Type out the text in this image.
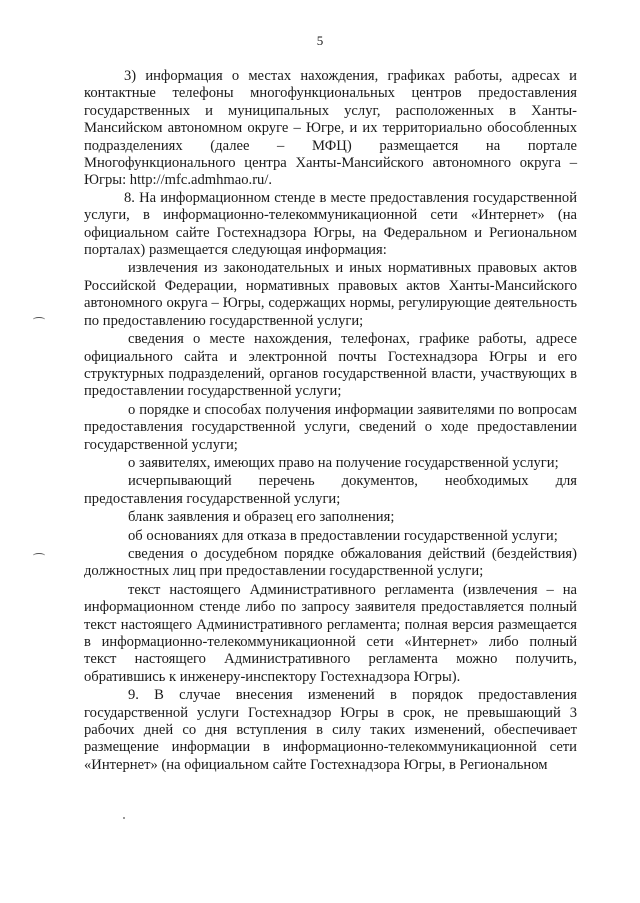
5

3) информация о местах нахождения, графиках работы, адресах и контактные телефоны многофункциональных центров предоставления государственных и муниципальных услуг, расположенных в Ханты-Мансийском автономном округе – Югре, и их территориально обособленных подразделениях (далее – МФЦ) размещается на портале Многофункционального центра Ханты-Мансийского автономного округа – Югры: http://mfc.admhmao.ru/.

8. На информационном стенде в месте предоставления государственной услуги, в информационно-телекоммуникационной сети «Интернет» (на официальном сайте Гостехнадзора Югры, на Федеральном и Региональном порталах) размещается следующая информация:

извлечения из законодательных и иных нормативных правовых актов Российской Федерации, нормативных правовых актов Ханты-Мансийского автономного округа – Югры, содержащих нормы, регулирующие деятельность по предоставлению государственной услуги;

сведения о месте нахождения, телефонах, графике работы, адресе официального сайта и электронной почты Гостехнадзора Югры и его структурных подразделений, органов государственной власти, участвующих в предоставлении государственной услуги;

о порядке и способах получения информации заявителями по вопросам предоставления государственной услуги, сведений о ходе предоставлении государственной услуги;

о заявителях, имеющих право на получение государственной услуги;

исчерпывающий перечень документов, необходимых для предоставления государственной услуги;

бланк заявления и образец его заполнения;

об основаниях для отказа в предоставлении государственной услуги;

сведения о досудебном порядке обжалования действий (бездействия) должностных лиц при предоставлении государственной услуги;

текст настоящего Административного регламента (извлечения – на информационном стенде либо по запросу заявителя предоставляется полный текст настоящего Административного регламента; полная версия размещается в информационно-телекоммуникационной сети «Интернет» либо полный текст настоящего Административного регламента можно получить, обратившись к инженеру-инспектору Гостехнадзора Югры).

9. В случае внесения изменений в порядок предоставления государственной услуги Гостехнадзор Югры в срок, не превышающий 3 рабочих дней со дня вступления в силу таких изменений, обеспечивает размещение информации в информационно-телекоммуникационной сети «Интернет» (на официальном сайте Гостехнадзора Югры, в Региональном
